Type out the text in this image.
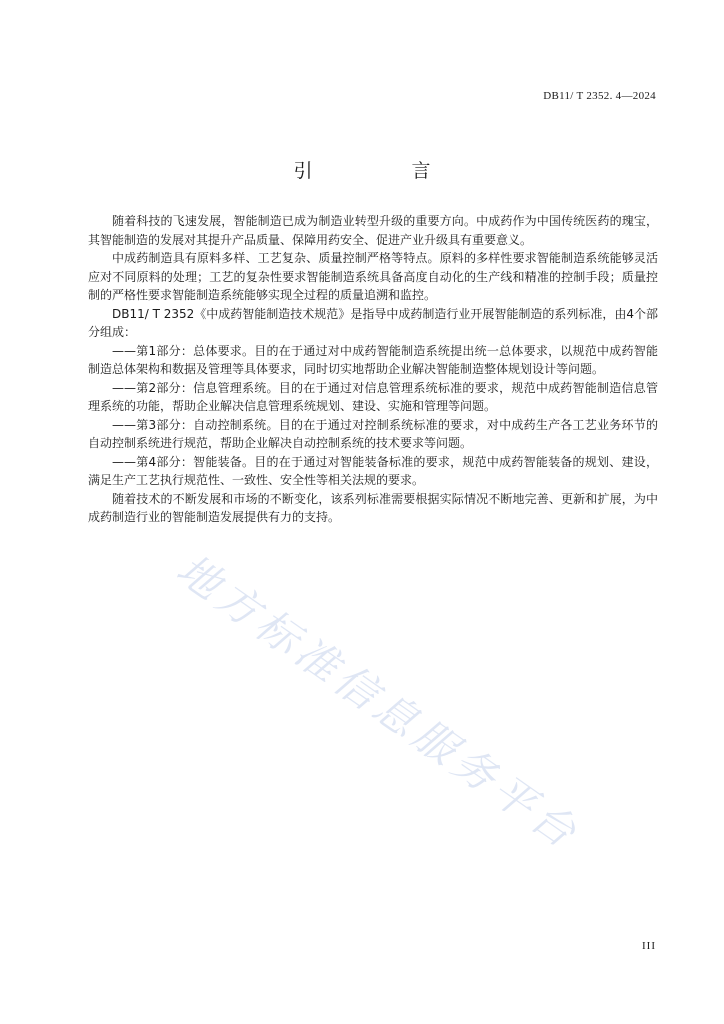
DB11/ T 2352. 4—2024
引　言

随着科技的飞速发展，智能制造已成为制造业转型升级的重要方向。中成药作为中国传统医药的瑰宝，其智能制造的发展对其提升产品质量、保障用药安全、促进产业升级具有重要意义。

中成药制造具有原料多样、工艺复杂、质量控制严格等特点。原料的多样性要求智能制造系统能够灵活应对不同原料的处理；工艺的复杂性要求智能制造系统具备高度自动化的生产线和精准的控制手段；质量控制的严格性要求智能制造系统能够实现全过程的质量追溯和监控。

DB11/ T 2352《中成药智能制造技术规范》是指导中成药制造行业开展智能制造的系列标准，由4个部分组成：

——第1部分：总体要求。目的在于通过对中成药智能制造系统提出统一总体要求，以规范中成药智能制造总体架构和数据及管理等具体要求，同时切实地帮助企业解决智能制造整体规划设计等问题。

——第2部分：信息管理系统。目的在于通过对信息管理系统标准的要求，规范中成药智能制造信息管理系统的功能，帮助企业解决信息管理系统规划、建设、实施和管理等问题。

——第3部分：自动控制系统。目的在于通过对控制系统标准的要求，对中成药生产各工艺业务环节的自动控制系统进行规范，帮助企业解决自动控制系统的技术要求等问题。

——第4部分：智能装备。目的在于通过对智能装备标准的要求，规范中成药智能装备的规划、建设，满足生产工艺执行规范性、一致性、安全性等相关法规的要求。

随着技术的不断发展和市场的不断变化，该系列标准需要根据实际情况不断地完善、更新和扩展，为中成药制造行业的智能制造发展提供有力的支持。

地方标准信息服务平台
III
